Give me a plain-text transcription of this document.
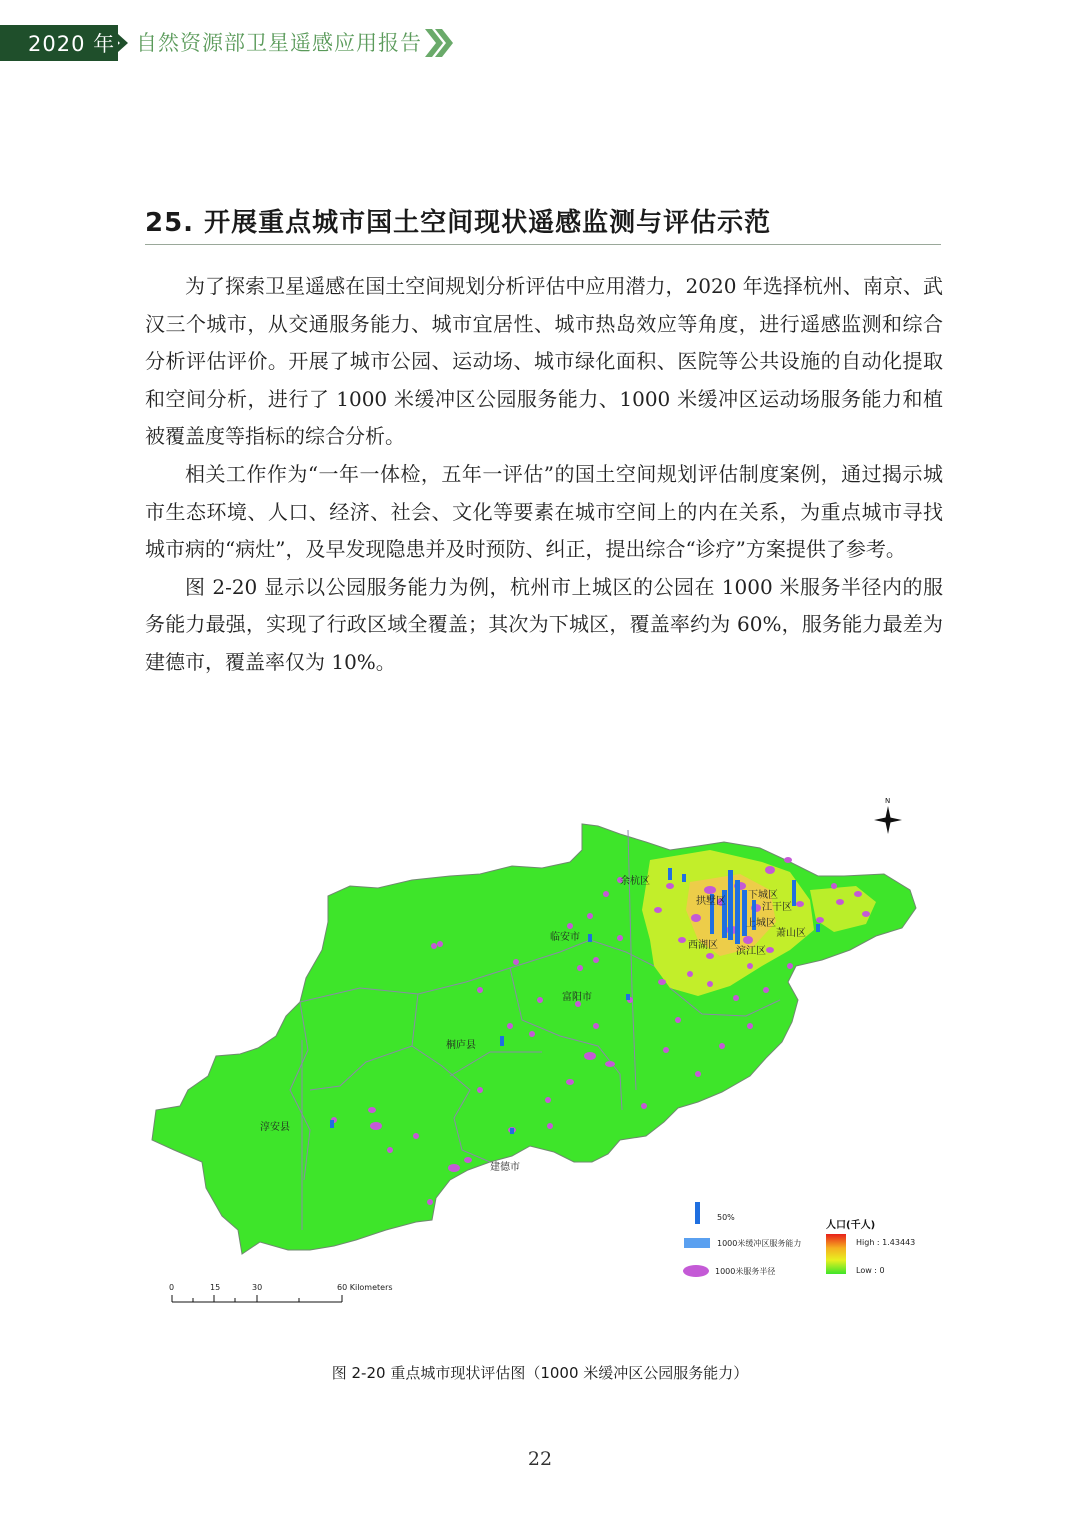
2020 年 自然资源部卫星遥感应用报告
25. 开展重点城市国土空间现状遥感监测与评估示范

为了探索卫星遥感在国土空间规划分析评估中应用潜力，2020 年选择杭州、南京、武汉三个城市，从交通服务能力、城市宜居性、城市热岛效应等角度，进行遥感监测和综合分析评估评价。开展了城市公园、运动场、城市绿化面积、医院等公共设施的自动化提取和空间分析，进行了 1000 米缓冲区公园服务能力、1000 米缓冲区运动场服务能力和植被覆盖度等指标的综合分析。

相关工作作为“一年一体检，五年一评估”的国土空间规划评估制度案例，通过揭示城市生态环境、人口、经济、社会、文化等要素在城市空间上的内在关系，为重点城市寻找城市病的“病灶”，及早发现隐患并及时预防、纠正，提出综合“诊疗”方案提供了参考。

图 2-20 显示以公园服务能力为例，杭州市上城区的公园在 1000 米服务半径内的服务能力最强，实现了行政区域全覆盖；其次为下城区，覆盖率约为 60%，服务能力最差为建德市，覆盖率仅为 10%。

余杭区
临安市
富阳市
桐庐县
淳安县
建德市
拱墅区
下城区
江干区
上城区
西湖区
滨江区
萧山区
N
50%
1000米缓冲区服务能力
1000米服务半径
人口(千人)
High : 1.43443
Low : 0
0	15	30	60 Kilometers
图 2-20 重点城市现状评估图（1000 米缓冲区公园服务能力）
22
